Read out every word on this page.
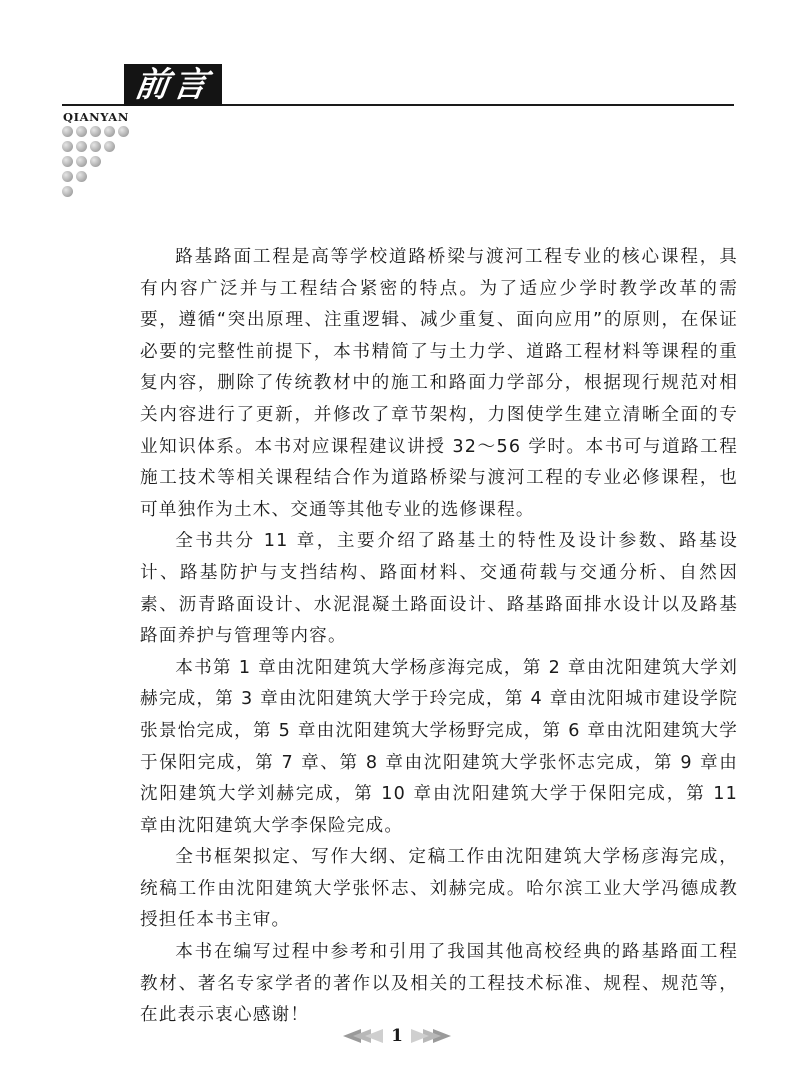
前言
QIANYAN

路基路面工程是高等学校道路桥梁与渡河工程专业的核心课程，具有内容广泛并与工程结合紧密的特点。为了适应少学时教学改革的需要，遵循“突出原理、注重逻辑、减少重复、面向应用”的原则，在保证必要的完整性前提下，本书精简了与土力学、道路工程材料等课程的重复内容，删除了传统教材中的施工和路面力学部分，根据现行规范对相关内容进行了更新，并修改了章节架构，力图使学生建立清晰全面的专业知识体系。本书对应课程建议讲授 32～56 学时。本书可与道路工程施工技术等相关课程结合作为道路桥梁与渡河工程的专业必修课程，也可单独作为土木、交通等其他专业的选修课程。

全书共分 11 章，主要介绍了路基土的特性及设计参数、路基设计、路基防护与支挡结构、路面材料、交通荷载与交通分析、自然因素、沥青路面设计、水泥混凝土路面设计、路基路面排水设计以及路基路面养护与管理等内容。

本书第 1 章由沈阳建筑大学杨彦海完成，第 2 章由沈阳建筑大学刘赫完成，第 3 章由沈阳建筑大学于玲完成，第 4 章由沈阳城市建设学院张景怡完成，第 5 章由沈阳建筑大学杨野完成，第 6 章由沈阳建筑大学于保阳完成，第 7 章、第 8 章由沈阳建筑大学张怀志完成，第 9 章由沈阳建筑大学刘赫完成，第 10 章由沈阳建筑大学于保阳完成，第 11 章由沈阳建筑大学李保险完成。

全书框架拟定、写作大纲、定稿工作由沈阳建筑大学杨彦海完成，统稿工作由沈阳建筑大学张怀志、刘赫完成。哈尔滨工业大学冯德成教授担任本书主审。

本书在编写过程中参考和引用了我国其他高校经典的路基路面工程教材、著名专家学者的著作以及相关的工程技术标准、规程、规范等，在此表示衷心感谢！

1
